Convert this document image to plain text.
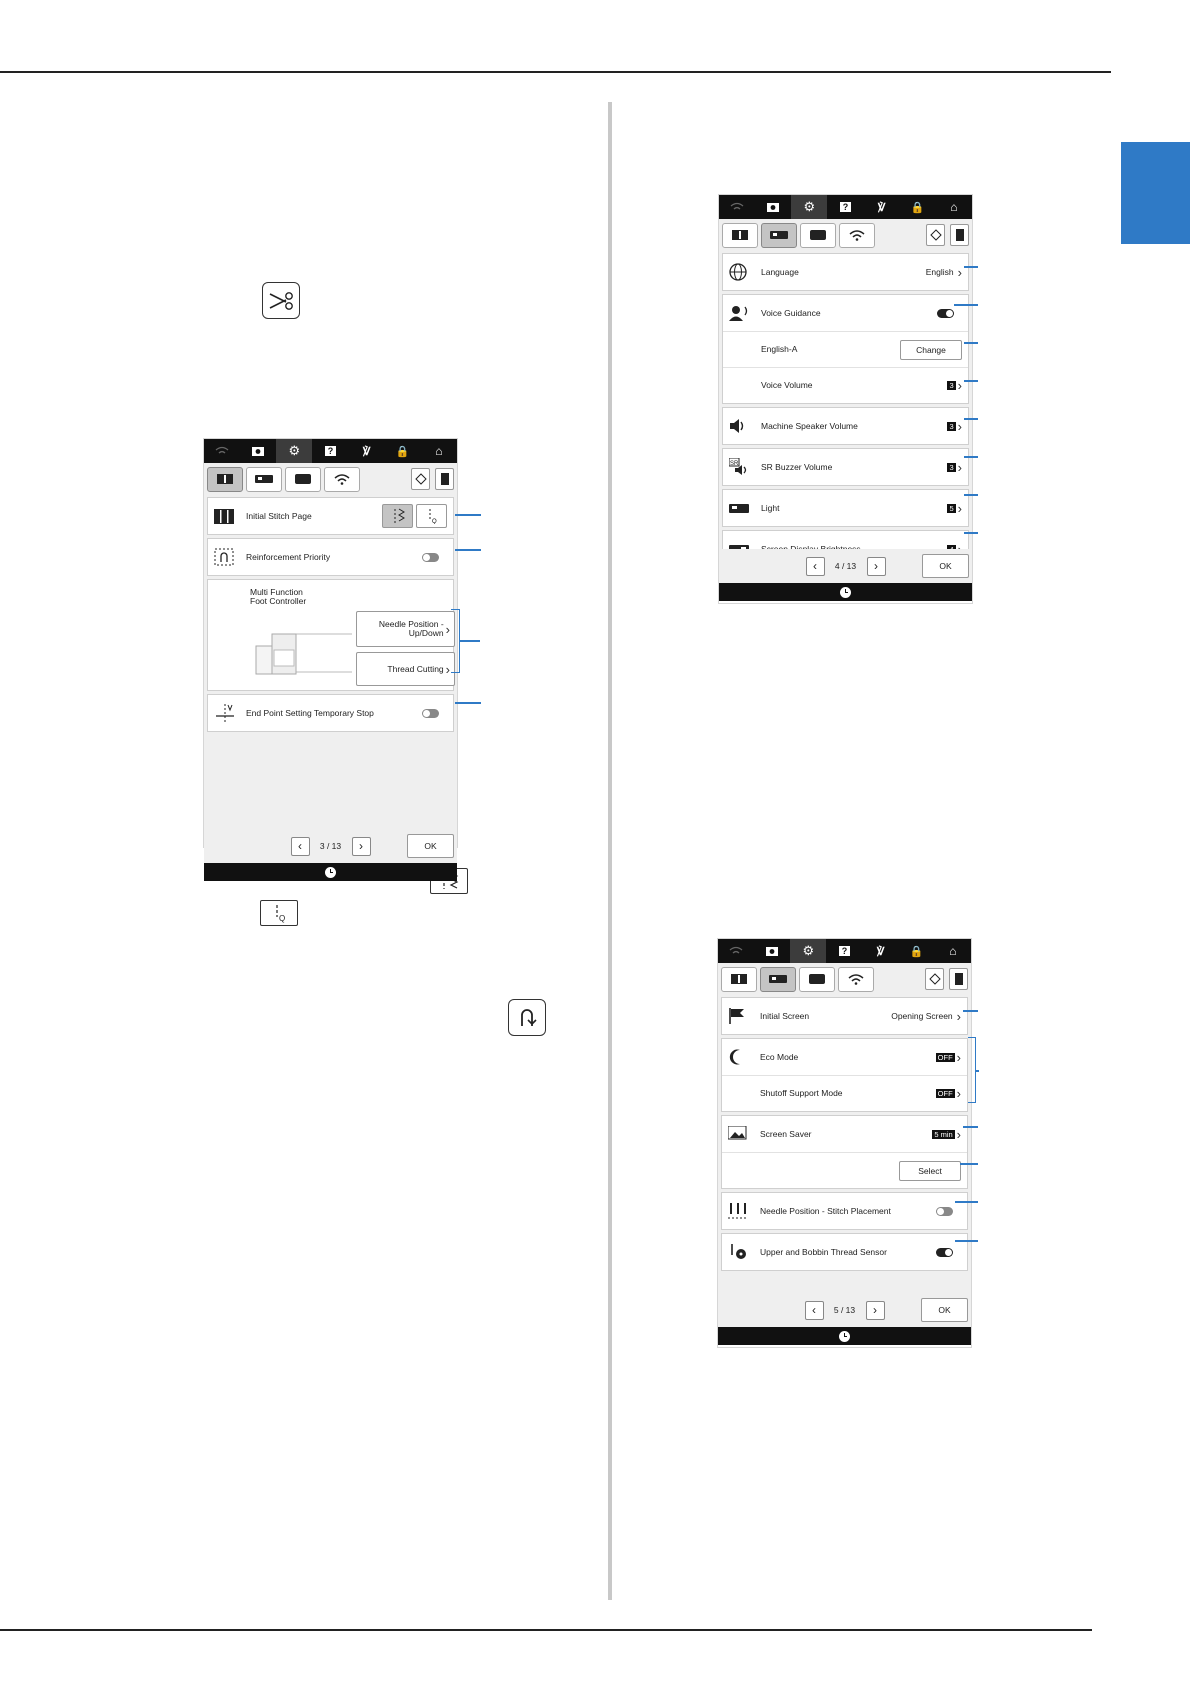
Q
⚙	?	℣ 🔒 ⌂
Initial Stitch Page
Q
Reinforcement Priority
Multi Function Foot Controller
Needle Position - Up/Down ›
Thread Cutting ›
End Point Setting Temporary Stop
‹	3 / 13	›	OK
⚙	?	℣ 🔒 ⌂
Language	English ›
Voice Guidance
English-A	Change
Voice Volume	3 ›
Machine Speaker Volume	3 ›
SR	SR Buzzer Volume	3 ›
Light	5 ›
‹	4 / 13	›	OK
⚙	?	℣ 🔒 ⌂
Initial Screen	Opening Screen ›
Eco Mode	OFF ›
Shutoff Support Mode	OFF ›
Screen Saver	5 min ›
Select
Needle Position - Stitch Placement
Upper and Bobbin Thread Sensor
‹	5 / 13	›	OK
